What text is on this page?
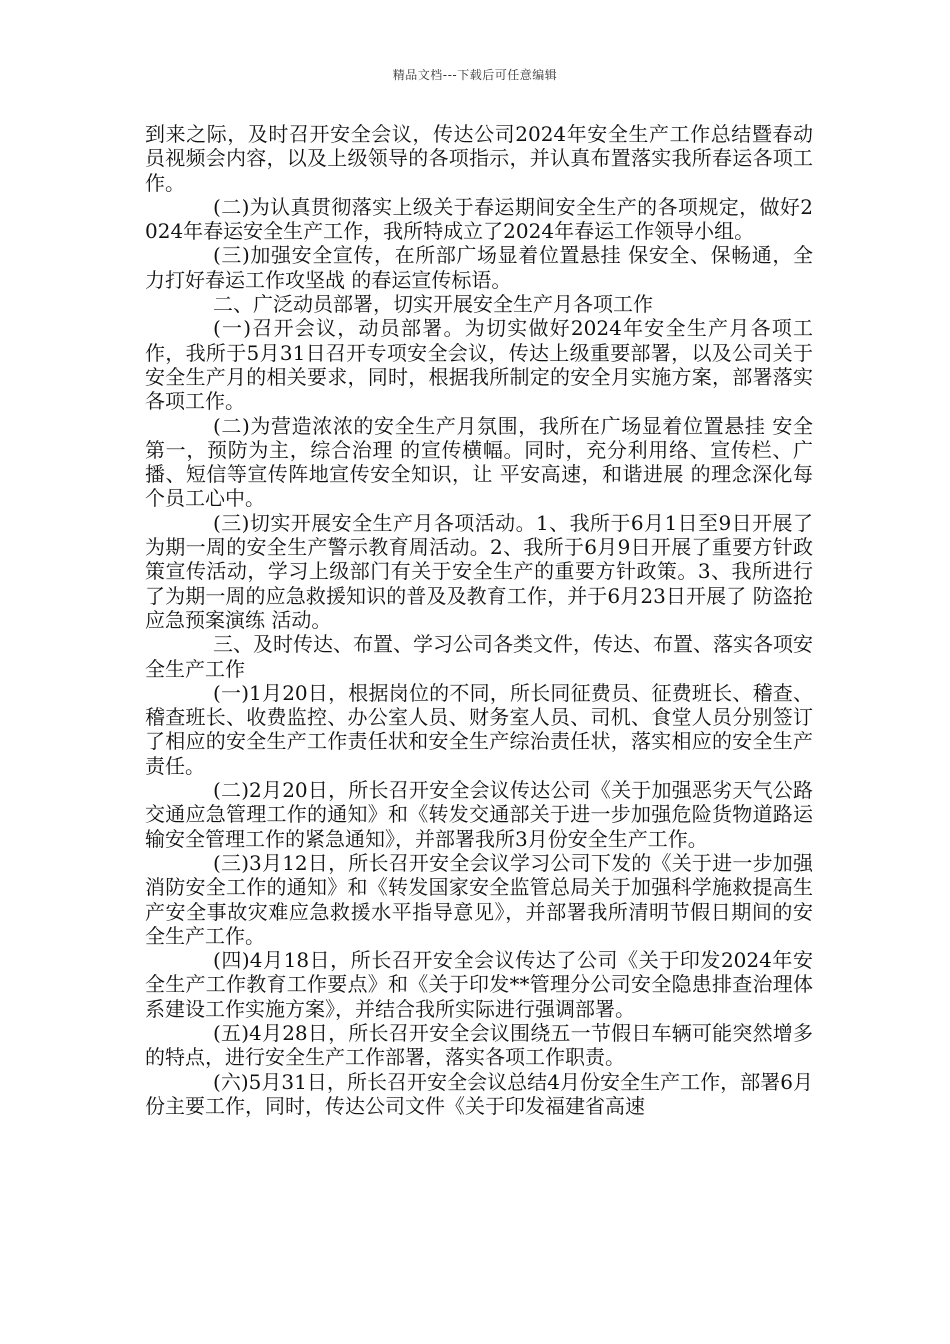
精品文档---下载后可任意编辑

到来之际，及时召开安全会议，传达公司2024年安全生产工作总结暨春动员视频会内容，以及上级领导的各项指示，并认真布置落实我所春运各项工作。

(二)为认真贯彻落实上级关于春运期间安全生产的各项规定，做好2024年春运安全生产工作，我所特成立了2024年春运工作领导小组。

(三)加强安全宣传，在所部广场显着位置悬挂 保安全、保畅通，全力打好春运工作攻坚战 的春运宣传标语。

二、广泛动员部署，切实开展安全生产月各项工作

(一)召开会议，动员部署。为切实做好2024年安全生产月各项工作，我所于5月31日召开专项安全会议，传达上级重要部署，以及公司关于安全生产月的相关要求，同时，根据我所制定的安全月实施方案，部署落实各项工作。

(二)为营造浓浓的安全生产月氛围，我所在广场显着位置悬挂 安全第一，预防为主，综合治理 的宣传横幅。同时，充分利用络、宣传栏、广播、短信等宣传阵地宣传安全知识，让 平安高速，和谐进展 的理念深化每个员工心中。

(三)切实开展安全生产月各项活动。1、我所于6月1日至9日开展了为期一周的安全生产警示教育周活动。2、我所于6月9日开展了重要方针政策宣传活动，学习上级部门有关于安全生产的重要方针政策。3、我所进行了为期一周的应急救援知识的普及及教育工作，并于6月23日开展了 防盗抢应急预案演练 活动。

三、及时传达、布置、学习公司各类文件，传达、布置、落实各项安全生产工作

(一)1月20日，根据岗位的不同，所长同征费员、征费班长、稽查、稽查班长、收费监控、办公室人员、财务室人员、司机、食堂人员分别签订了相应的安全生产工作责任状和安全生产综治责任状，落实相应的安全生产责任。

(二)2月20日，所长召开安全会议传达公司《关于加强恶劣天气公路交通应急管理工作的通知》和《转发交通部关于进一步加强危险货物道路运输安全管理工作的紧急通知》，并部署我所3月份安全生产工作。

(三)3月12日，所长召开安全会议学习公司下发的《关于进一步加强消防安全工作的通知》和《转发国家安全监管总局关于加强科学施救提高生产安全事故灾难应急救援水平指导意见》，并部署我所清明节假日期间的安全生产工作。

(四)4月18日，所长召开安全会议传达了公司《关于印发2024年安全生产工作教育工作要点》和《关于印发**管理分公司安全隐患排查治理体系建设工作实施方案》，并结合我所实际进行强调部署。

(五)4月28日，所长召开安全会议围绕五一节假日车辆可能突然增多的特点，进行安全生产工作部署，落实各项工作职责。

(六)5月31日，所长召开安全会议总结4月份安全生产工作，部署6月份主要工作，同时，传达公司文件《关于印发福建省高速
